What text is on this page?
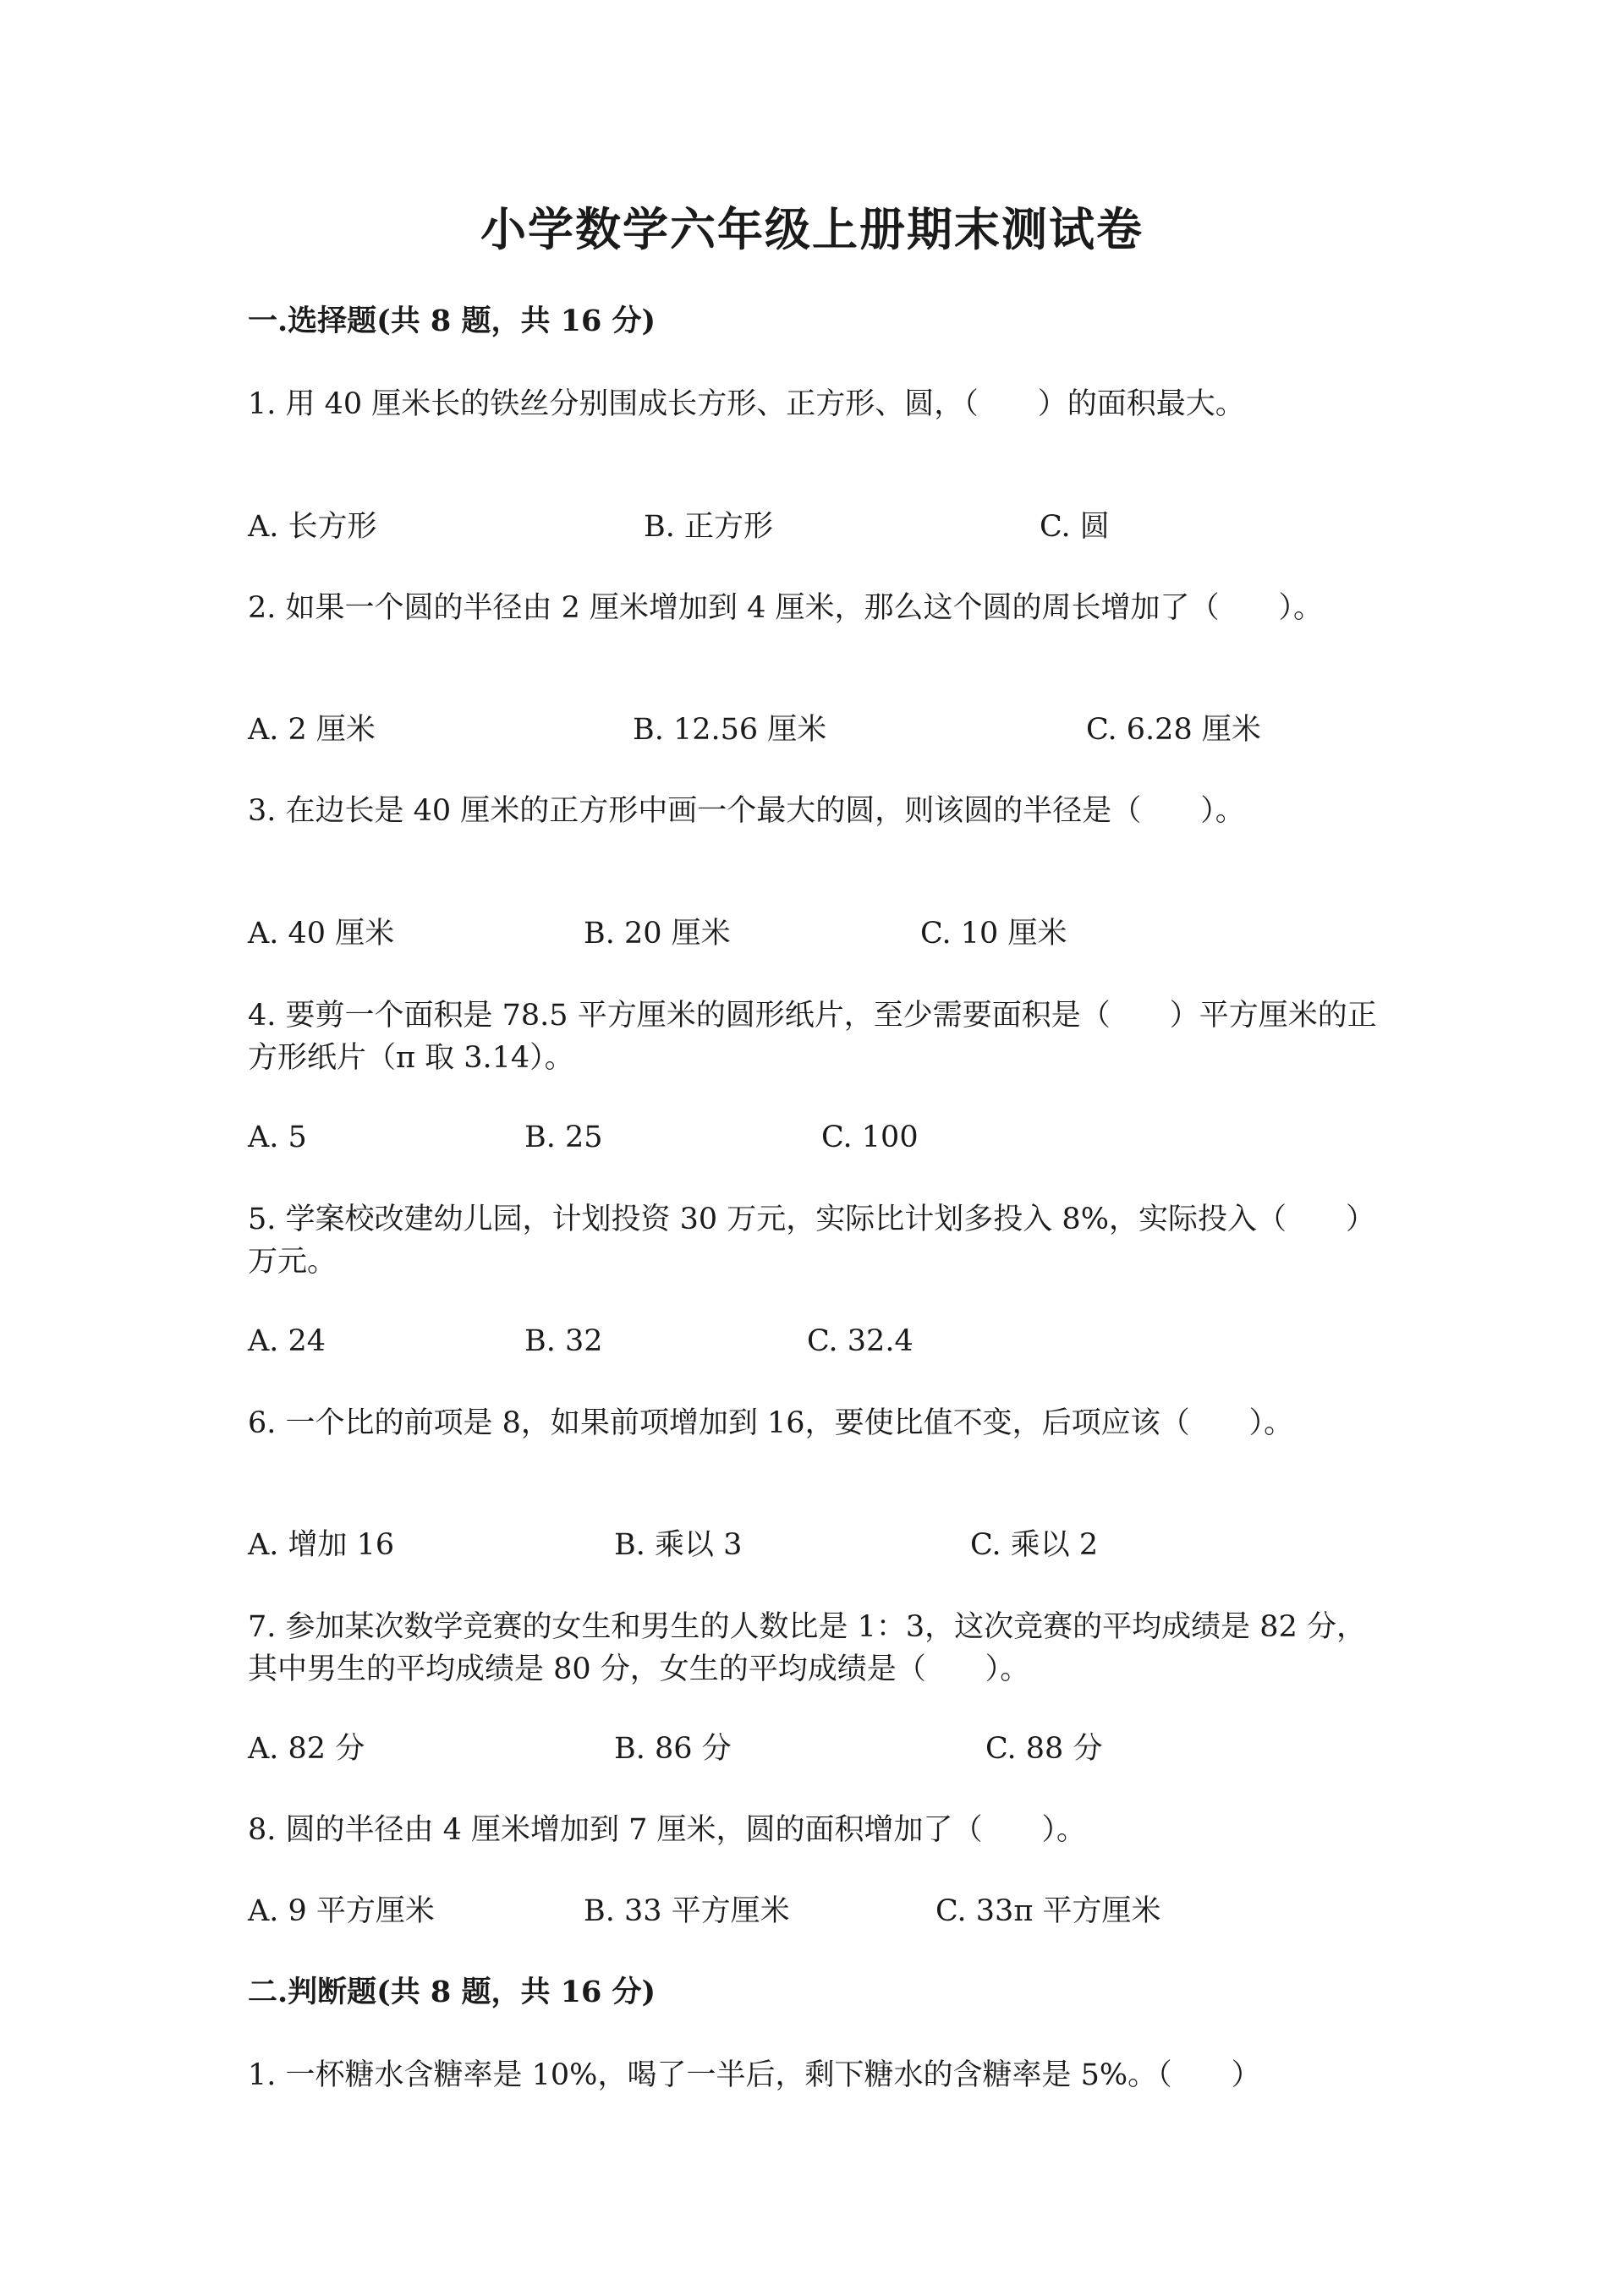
小学数学六年级上册期末测试卷
一.选择题(共 8 题，共 16 分)
1. 用 40 厘米长的铁丝分别围成长方形、正方形、圆，（　　）的面积最大。
A. 长方形	B. 正方形	C. 圆
2. 如果一个圆的半径由 2 厘米增加到 4 厘米，那么这个圆的周长增加了（　　）。
A. 2 厘米	B. 12.56 厘米	C. 6.28 厘米
3. 在边长是 40 厘米的正方形中画一个最大的圆，则该圆的半径是（　　）。
A. 40 厘米	B. 20 厘米	C. 10 厘米
4. 要剪一个面积是 78.5 平方厘米的圆形纸片，至少需要面积是（　　）平方厘米的正方形纸片（π 取 3.14）。
A. 5	B. 25	C. 100
5. 学案校改建幼儿园，计划投资 30 万元，实际比计划多投入 8%，实际投入（　　）万元。
A. 24	B. 32	C. 32.4
6. 一个比的前项是 8，如果前项增加到 16，要使比值不变，后项应该（　　）。
A. 增加 16	B. 乘以 3	C. 乘以 2
7. 参加某次数学竞赛的女生和男生的人数比是 1：3，这次竞赛的平均成绩是 82 分，其中男生的平均成绩是 80 分，女生的平均成绩是（　　）。
A. 82 分	B. 86 分	C. 88 分
8. 圆的半径由 4 厘米增加到 7 厘米，圆的面积增加了（　　）。
A. 9 平方厘米	B. 33 平方厘米	C. 33π 平方厘米
二.判断题(共 8 题，共 16 分)
1. 一杯糖水含糖率是 10%，喝了一半后，剩下糖水的含糖率是 5%。（　　）
